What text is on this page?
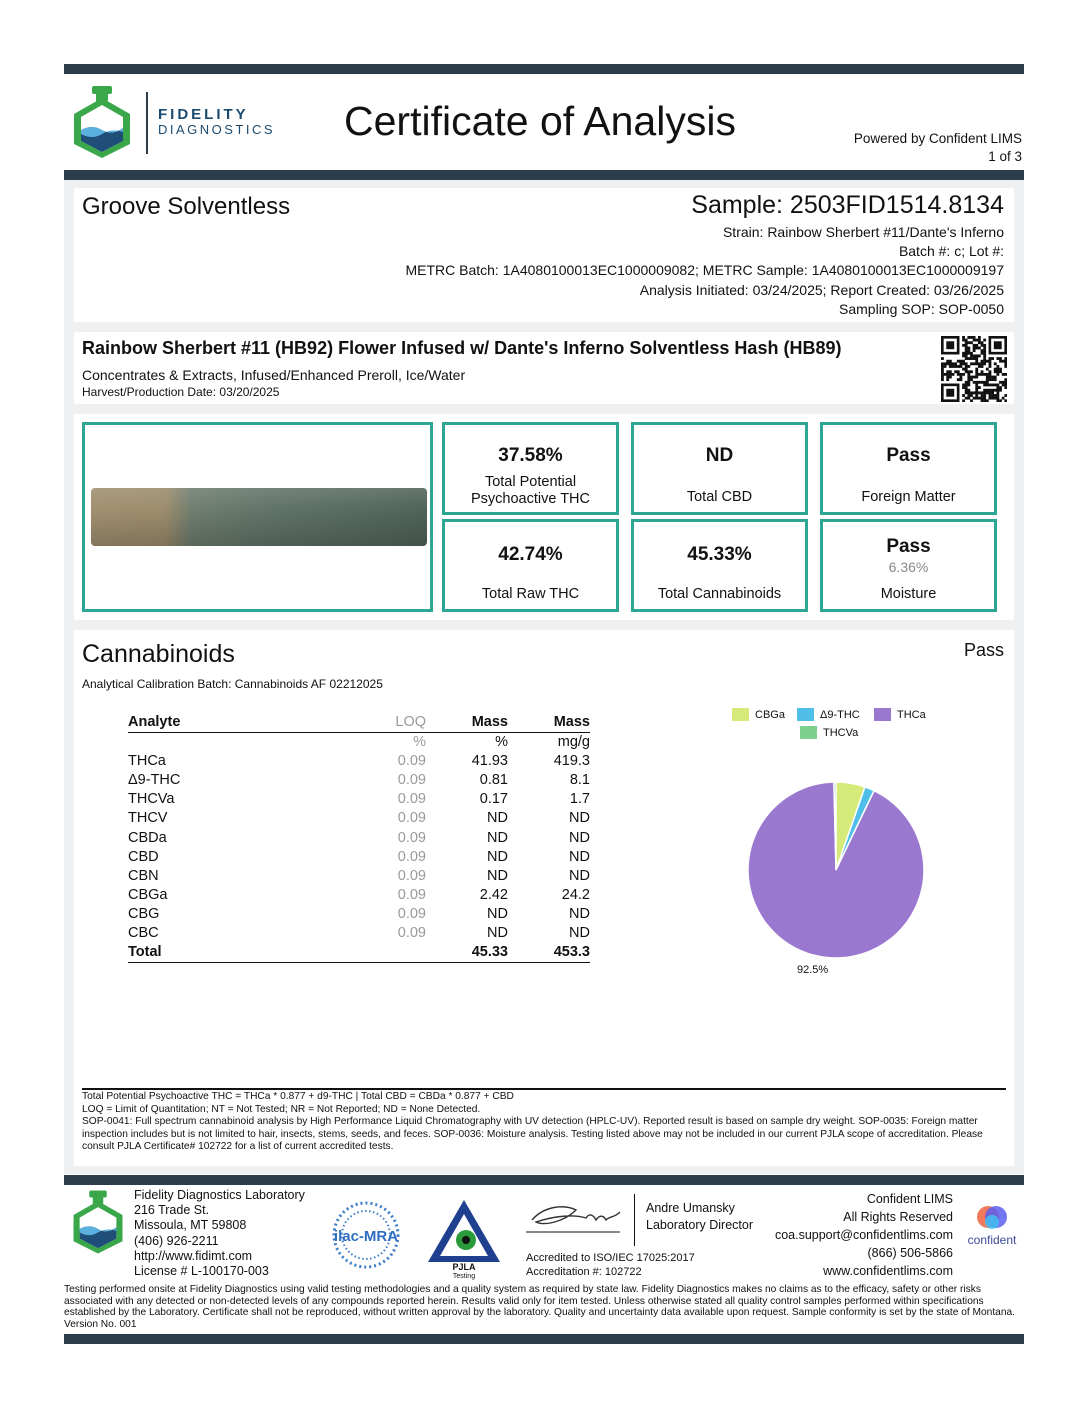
FIDELITY
DIAGNOSTICS Certificate of Analysis	Powered by Confident LIMS
1 of 3
Groove Solventless	Sample: 2503FID1514.8134
Strain: Rainbow Sherbert #11/Dante's Inferno
Batch #: c; Lot #:
METRC Batch: 1A4080100013EC1000009082; METRC Sample: 1A4080100013EC1000009197
Analysis Initiated: 03/24/2025; Report Created: 03/26/2025
Sampling SOP: SOP-0050
Rainbow Sherbert #11 (HB92) Flower Infused w/ Dante's Inferno Solventless Hash (HB89)
Concentrates & Extracts, Infused/Enhanced Preroll, Ice/Water
Harvest/Production Date: 03/20/2025
37.58%
Total Potential
Psychoactive THC
ND
Total CBD
Pass
Foreign Matter
42.74%
Total Raw THC
45.33%
Total Cannabinoids
Pass
6.36%
Moisture
Cannabinoids	Pass
Analytical Calibration Batch: Cannabinoids AF 02212025
Analyte	LOQ	Mass	Mass
	%	%	mg/g
THCa	0.09	41.93	419.3
Δ9-THC	0.09	0.81	8.1
THCVa	0.09	0.17	1.7
THCV	0.09	ND	ND
CBDa	0.09	ND	ND
CBD	0.09	ND	ND
CBN	0.09	ND	ND
CBGa	0.09	2.42	24.2
CBG	0.09	ND	ND
CBC	0.09	ND	ND
Total		45.33	453.3
CBGa	Δ9-THC	THCa
THCVa
92.5%
Total Potential Psychoactive THC = THCa * 0.877 + d9-THC | Total CBD = CBDa * 0.877 + CBD
LOQ = Limit of Quantitation; NT = Not Tested; NR = Not Reported; ND = None Detected.
SOP-0041: Full spectrum cannabinoid analysis by High Performance Liquid Chromatography with UV detection (HPLC-UV). Reported result is based on sample dry weight. SOP-0035: Foreign matter inspection includes but is not limited to hair, insects, stems, seeds, and feces. SOP-0036: Moisture analysis. Testing listed above may not be included in our current PJLA scope of accreditation. Please consult PJLA Certificate# 102722 for a list of current accredited tests.
Fidelity Diagnostics Laboratory
216 Trade St.
Missoula, MT 59808
(406) 926-2211
http://www.fidimt.com
License # L-100170-003
ilac-MRA
PJLA
Testing
Andre Umansky
Laboratory Director
Accredited to ISO/IEC 17025:2017
Accreditation #: 102722
Confident LIMS
All Rights Reserved
coa.support@confidentlims.com
(866) 506-5866
www.confidentlims.com
confident
Testing performed onsite at Fidelity Diagnostics using valid testing methodologies and a quality system as required by state law. Fidelity Diagnostics makes no claims as to the efficacy, safety or other risks associated with any detected or non-detected levels of any compounds reported herein. Results valid only for item tested. Unless otherwise stated all quality control samples performed within specifications established by the Laboratory. Certificate shall not be reproduced, without written approval by the laboratory. Quality and uncertainty data available upon request. Sample conformity is set by the state of Montana. Version No. 001
